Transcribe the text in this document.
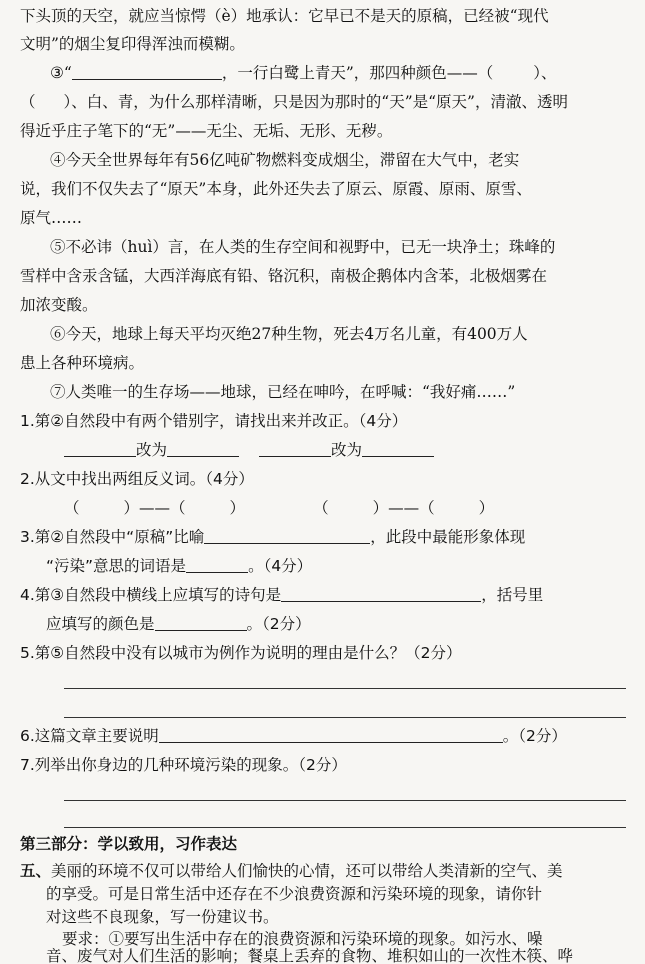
下头顶的天空，就应当惊愕（è）地承认：它早已不是天的原稿，已经被“现代
文明”的烟尘复印得浑浊而模糊。
③“	，一行白鹭上青天”，那四种颜色——（	）、
（ ）、白、青，为什么那样清晰，只是因为那时的“天”是“原天”，清澈、透明
得近乎庄子笔下的“无”——无尘、无垢、无形、无秽。
④今天全世界每年有56亿吨矿物燃料变成烟尘，滞留在大气中，老实
说，我们不仅失去了“原天”本身，此外还失去了原云、原霞、原雨、原雪、
原气……
⑤不必讳（huì）言，在人类的生存空间和视野中，已无一块净土；珠峰的
雪样中含汞含锰，大西洋海底有铅、铬沉积，南极企鹅体内含苯，北极烟雾在
加浓变酸。
⑥今天，地球上每天平均灭绝27种生物，死去4万名儿童，有400万人
患上各种环境病。
⑦人类唯一的生存场——地球，已经在呻吟，在呼喊：“我好痛……”
1.第②自然段中有两个错别字，请找出来并改正。（4分）
改为	改为
2.从文中找出两组反义词。（4分）
（	）——（	）	（	）——（	）
3.第②自然段中“原稿”比喻	，此段中最能形象体现
“污染”意思的词语是	。（4分）
4.第③自然段中横线上应填写的诗句是	，括号里
应填写的颜色是	。（2分）
5.第⑤自然段中没有以城市为例作为说明的理由是什么？（2分）
6.这篇文章主要说明	。（2分）
7.列举出你身边的几种环境污染的现象。（2分）
第三部分：学以致用，习作表达
五、美丽的环境不仅可以带给人们愉快的心情，还可以带给人类清新的空气、美
的享受。可是日常生活中还存在不少浪费资源和污染环境的现象，请你针
对这些不良现象，写一份建议书。
要求：①要写出生活中存在的浪费资源和污染环境的现象。如污水、噪
音、废气对人们生活的影响；餐桌上丢弃的食物、堆积如山的一次性木筷、哗
